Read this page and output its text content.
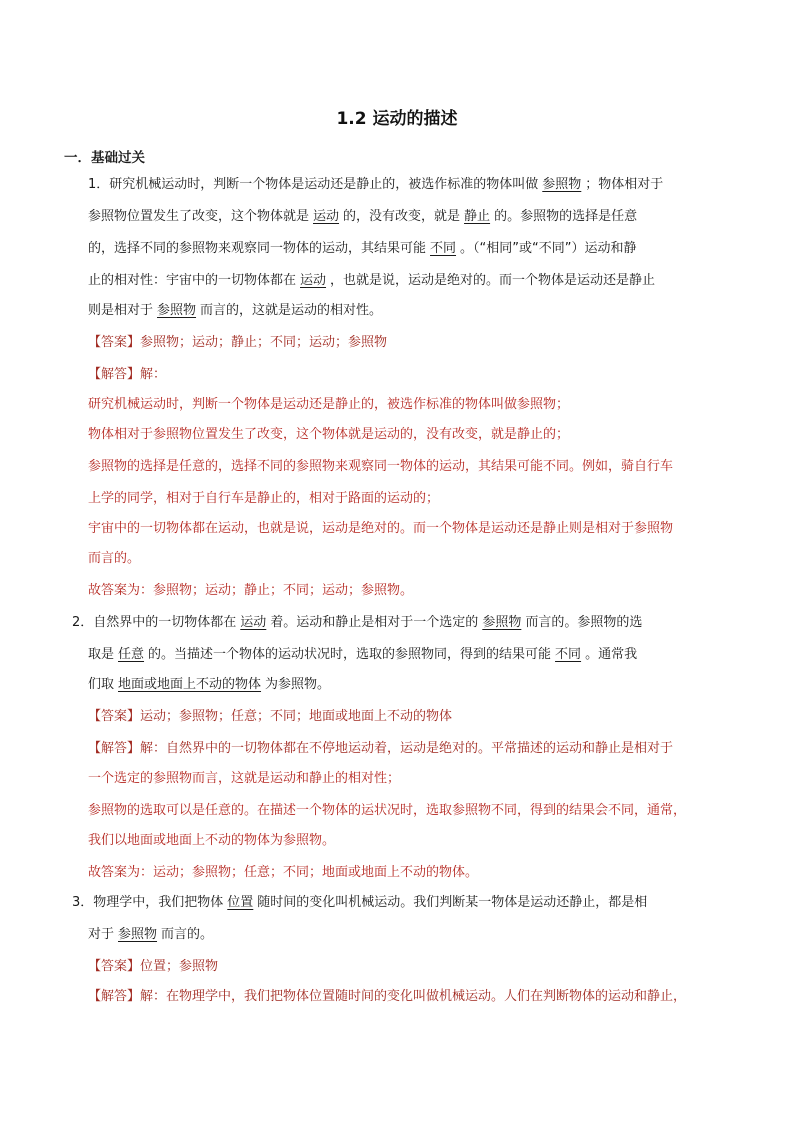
1.2 运动的描述
一．基础过关
1．研究机械运动时，判断一个物体是运动还是静止的，被选作标准的物体叫做 参照物 ；物体相对于
参照物位置发生了改变，这个物体就是 运动 的，没有改变，就是 静止 的。参照物的选择是任意
的，选择不同的参照物来观察同一物体的运动，其结果可能 不同 。（“相同”或“不同”）运动和静
止的相对性：宇宙中的一切物体都在 运动 ，也就是说，运动是绝对的。而一个物体是运动还是静止
则是相对于 参照物 而言的，这就是运动的相对性。
【答案】参照物；运动；静止；不同；运动；参照物
【解答】解：
研究机械运动时，判断一个物体是运动还是静止的，被选作标准的物体叫做参照物；
物体相对于参照物位置发生了改变，这个物体就是运动的，没有改变，就是静止的；
参照物的选择是任意的，选择不同的参照物来观察同一物体的运动，其结果可能不同。例如，骑自行车
上学的同学，相对于自行车是静止的，相对于路面的运动的；
宇宙中的一切物体都在运动，也就是说，运动是绝对的。而一个物体是运动还是静止则是相对于参照物
而言的。
故答案为：参照物；运动；静止；不同；运动；参照物。
2．自然界中的一切物体都在 运动 着。运动和静止是相对于一个选定的 参照物 而言的。参照物的选
取是 任意 的。当描述一个物体的运动状况时，选取的参照物同，得到的结果可能 不同 。通常我
们取 地面或地面上不动的物体 为参照物。
【答案】运动；参照物；任意；不同；地面或地面上不动的物体
【解答】解：自然界中的一切物体都在不停地运动着，运动是绝对的。平常描述的运动和静止是相对于
一个选定的参照物而言，这就是运动和静止的相对性；
参照物的选取可以是任意的。在描述一个物体的运状况时，选取参照物不同，得到的结果会不同，通常，
我们以地面或地面上不动的物体为参照物。
故答案为：运动；参照物；任意；不同；地面或地面上不动的物体。
3．物理学中，我们把物体 位置 随时间的变化叫机械运动。我们判断某一物体是运动还静止，都是相
对于 参照物 而言的。
【答案】位置；参照物
【解答】解：在物理学中，我们把物体位置随时间的变化叫做机械运动。人们在判断物体的运动和静止，
